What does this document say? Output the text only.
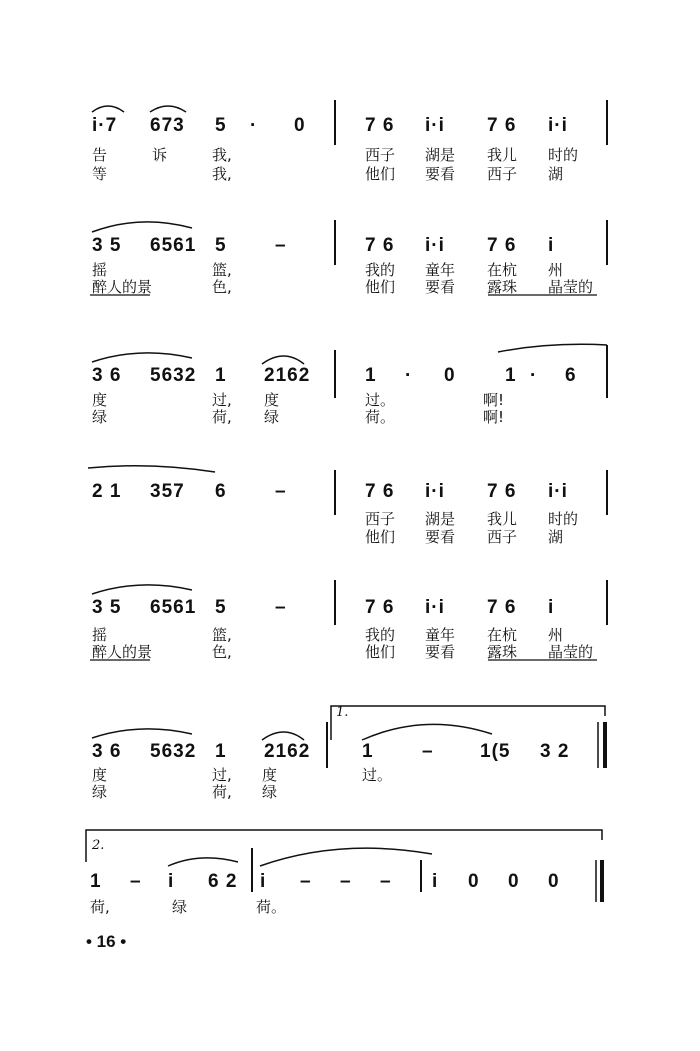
i·7 673 5 · 0	7 6 i·i 7 6 i·i
告	诉	我,	西子 湖是 我儿 时的
等	我,	他们 要看 西子 湖
3 5 6561 5	–	7 6 i·i 7 6 i
摇	篮,	我的 童年 在杭 州
醉人的景	色,	他们 要看 露珠 晶莹的
3 6 5632 1 2162	1 · 0	1 · 6
度	过, 度	过。	啊!
绿	荷, 绿	荷。	啊!
2 1 357 6	–	7 6 i·i 7 6 i·i
西子 湖是 我儿 时的
他们 要看 西子 湖
3 5 6561 5	–	7 6 i·i 7 6 i
摇	篮,	我的 童年 在杭 州
醉人的景	色,	他们 要看 露珠 晶莹的
1.
3 6 5632 1 2162	1	– 1(5 3 2
度	过, 度	过。
绿	荷, 绿
2.
1 – i 6 2 i – – – i 0 0 0
荷,	绿	荷。
• 16 •
